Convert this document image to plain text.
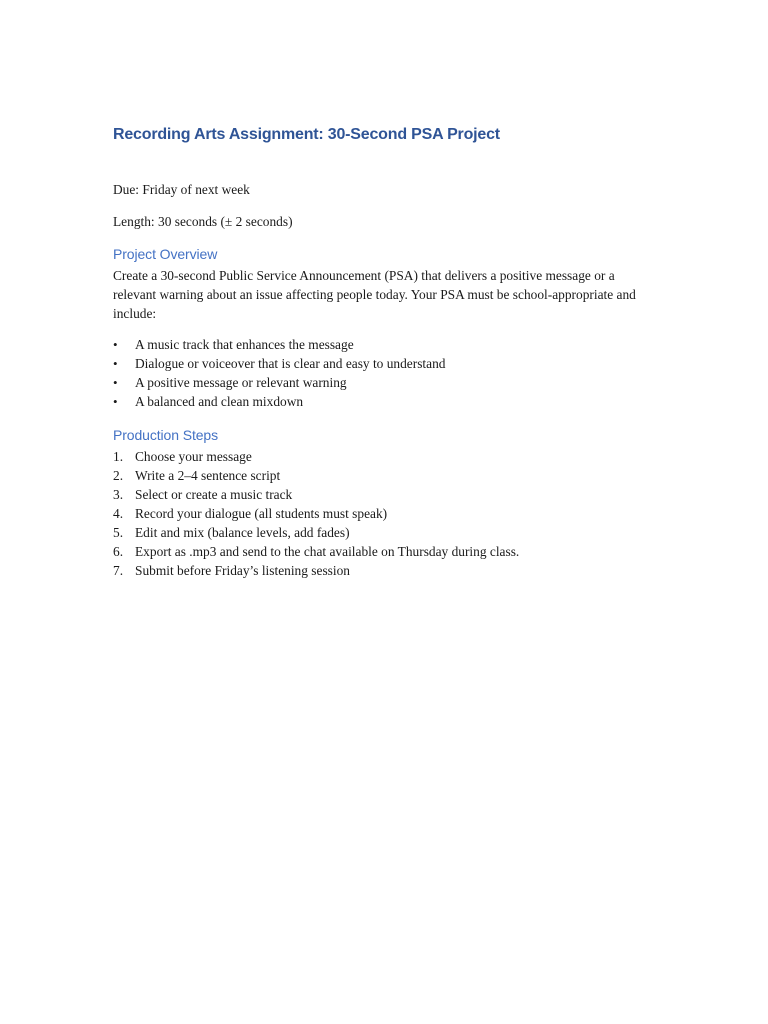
Recording Arts Assignment: 30-Second PSA Project

Due: Friday of next week

Length: 30 seconds (± 2 seconds)

Project Overview

Create a 30-second Public Service Announcement (PSA) that delivers a positive message or a relevant warning about an issue affecting people today. Your PSA must be school-appropriate and include:

• A music track that enhances the message
• Dialogue or voiceover that is clear and easy to understand
• A positive message or relevant warning
• A balanced and clean mixdown
Production Steps
1. Choose your message
2. Write a 2–4 sentence script
3. Select or create a music track
4. Record your dialogue (all students must speak)
5. Edit and mix (balance levels, add fades)
6. Export as .mp3 and send to the chat available on Thursday during class.
7. Submit before Friday’s listening session
